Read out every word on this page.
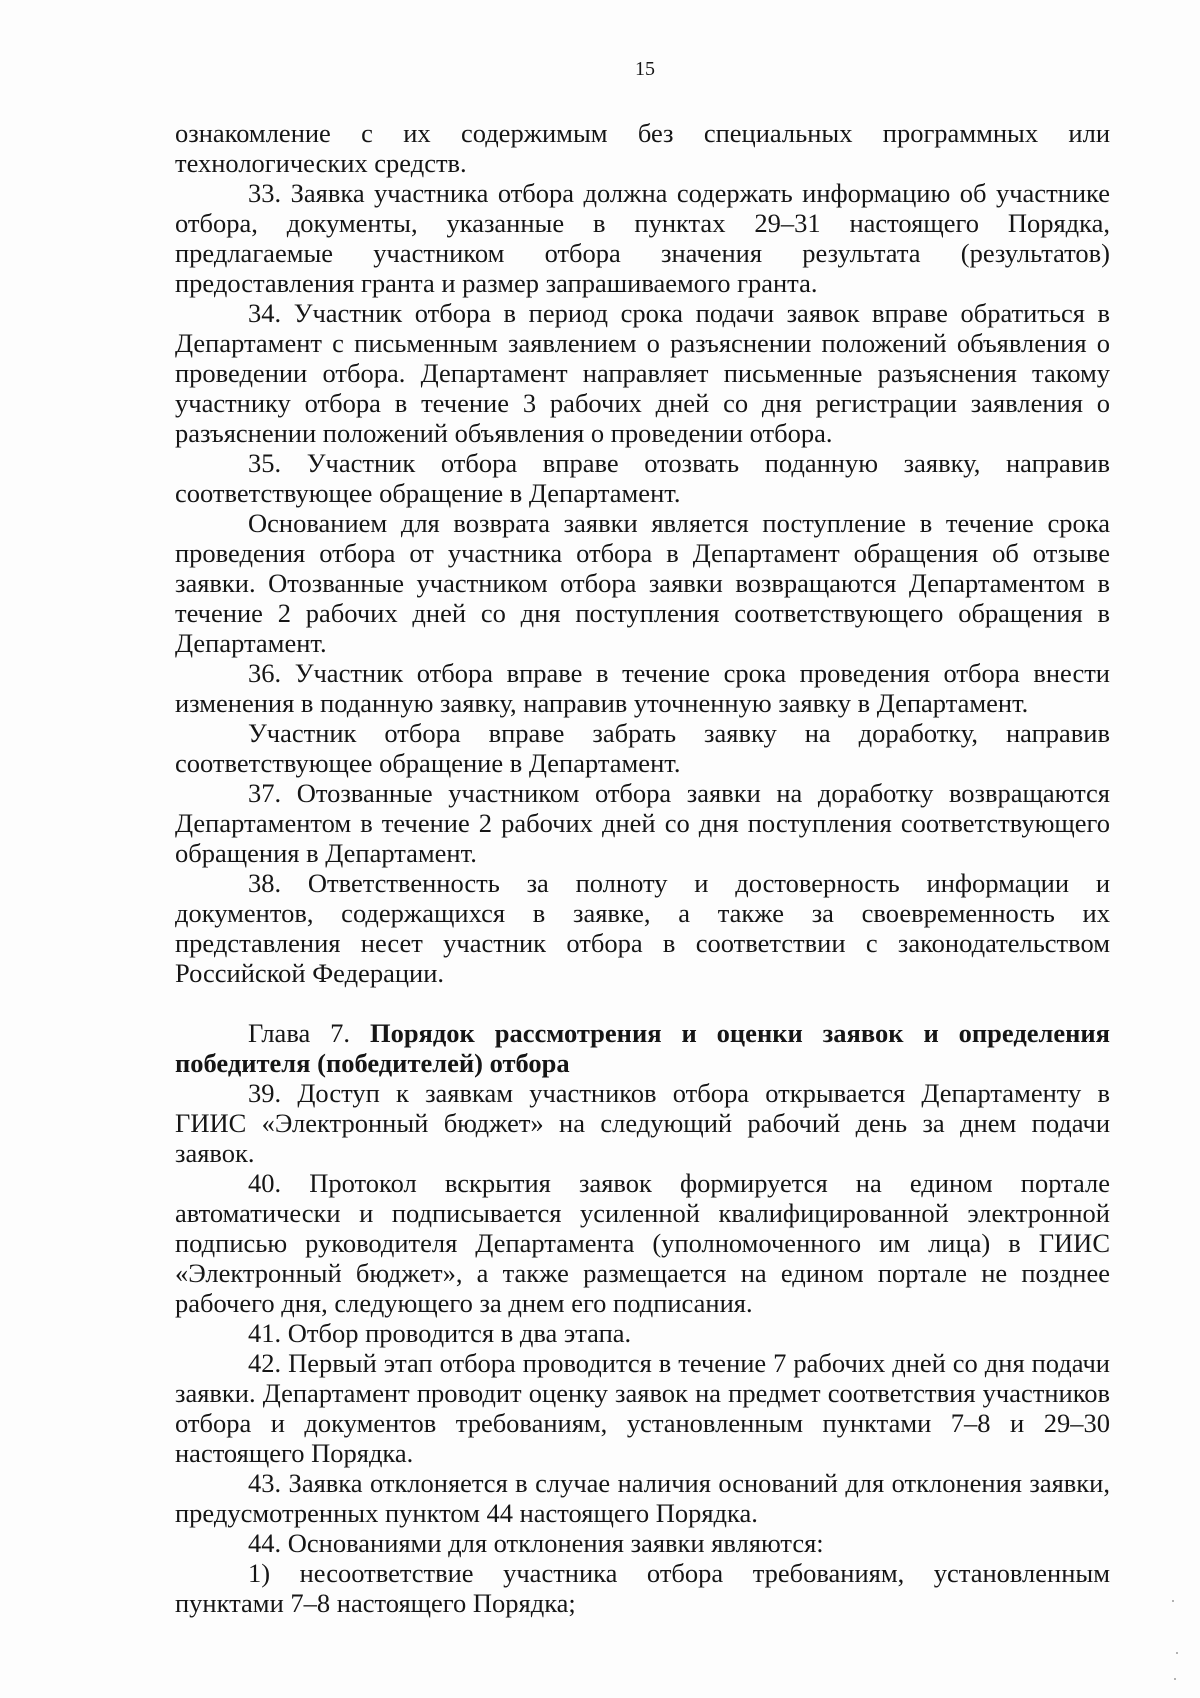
15

ознакомление с их содержимым без специальных программных или технологических средств.

33. Заявка участника отбора должна содержать информацию об участнике отбора, документы, указанные в пунктах 29–31 настоящего Порядка, предлагаемые участником отбора значения результата (результатов) предоставления гранта и размер запрашиваемого гранта.

34. Участник отбора в период срока подачи заявок вправе обратиться в Департамент с письменным заявлением о разъяснении положений объявления о проведении отбора. Департамент направляет письменные разъяснения такому участнику отбора в течение 3 рабочих дней со дня регистрации заявления о разъяснении положений объявления о проведении отбора.

35. Участник отбора вправе отозвать поданную заявку, направив соответствующее обращение в Департамент.

Основанием для возврата заявки является поступление в течение срока проведения отбора от участника отбора в Департамент обращения об отзыве заявки. Отозванные участником отбора заявки возвращаются Департаментом в течение 2 рабочих дней со дня поступления соответствующего обращения в Департамент.

36. Участник отбора вправе в течение срока проведения отбора внести изменения в поданную заявку, направив уточненную заявку в Департамент.

Участник отбора вправе забрать заявку на доработку, направив соответствующее обращение в Департамент.

37. Отозванные участником отбора заявки на доработку возвращаются Департаментом в течение 2 рабочих дней со дня поступления соответствующего обращения в Департамент.

38. Ответственность за полноту и достоверность информации и документов, содержащихся в заявке, а также за своевременность их представления несет участник отбора в соответствии с законодательством Российской Федерации.

Глава 7. Порядок рассмотрения и оценки заявок и определения победителя (победителей) отбора

39. Доступ к заявкам участников отбора открывается Департаменту в ГИИС «Электронный бюджет» на следующий рабочий день за днем подачи заявок.

40. Протокол вскрытия заявок формируется на едином портале автоматически и подписывается усиленной квалифицированной электронной подписью руководителя Департамента (уполномоченного им лица) в ГИИС «Электронный бюджет», а также размещается на едином портале не позднее рабочего дня, следующего за днем его подписания.

41. Отбор проводится в два этапа.

42. Первый этап отбора проводится в течение 7 рабочих дней со дня подачи заявки. Департамент проводит оценку заявок на предмет соответствия участников отбора и документов требованиям, установленным пунктами 7–8 и 29–30 настоящего Порядка.

43. Заявка отклоняется в случае наличия оснований для отклонения заявки, предусмотренных пунктом 44 настоящего Порядка.

44. Основаниями для отклонения заявки являются:

1) несоответствие участника отбора требованиям, установленным пунктами 7–8 настоящего Порядка;
